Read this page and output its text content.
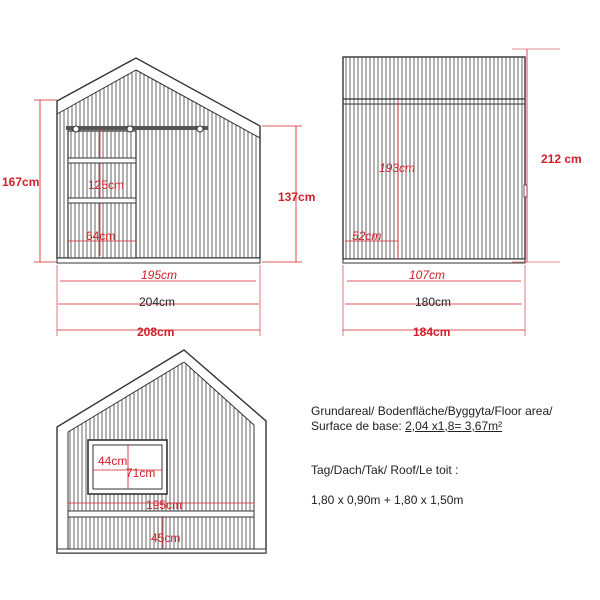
167cm	125cm
64cm
137cm
195cm
204cm
208cm
212 cm
193cm
52cm
107cm
180cm
184cm
44cm
71cm
195cm
45cm
Grundareal/ Bodenfläche/Byggyta/Floor area/
Surface de base: 2,04 x1,8= 3,67m²
Tag/Dach/Tak/ Roof/Le toit :
1,80 x 0,90m + 1,80 x 1,50m
